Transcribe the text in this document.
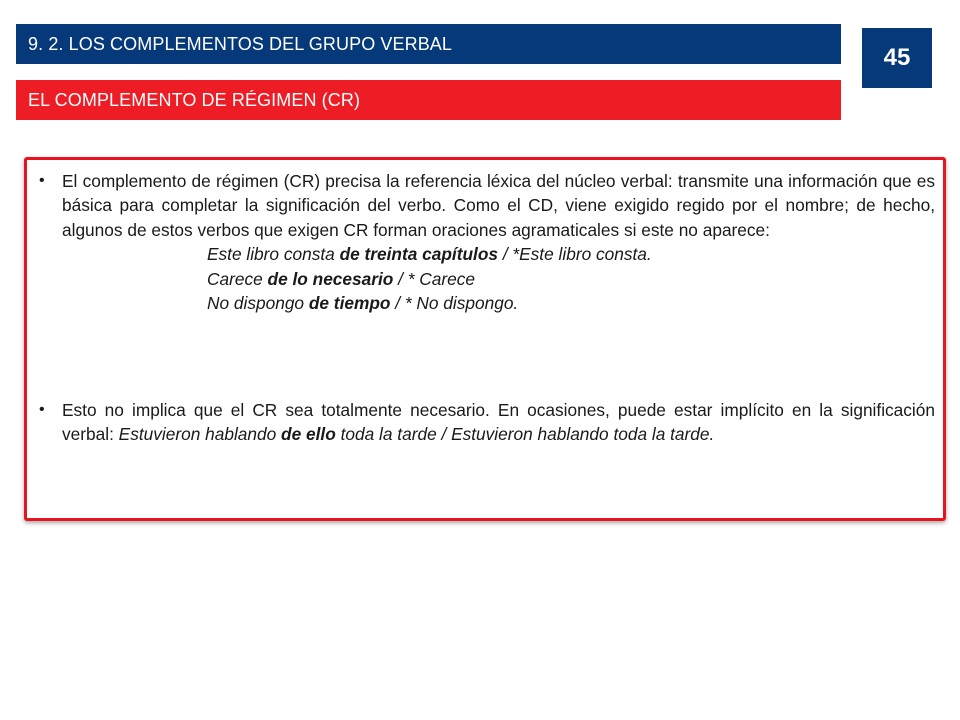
9. 2. LOS COMPLEMENTOS DEL GRUPO VERBAL	45
EL COMPLEMENTO DE RÉGIMEN (CR)
•	El complemento de régimen (CR) precisa la referencia léxica del núcleo verbal: transmite una información que es básica para completar la significación del verbo. Como el CD, viene exigido regido por el nombre; de hecho, algunos de estos verbos que exigen CR forman oraciones agramaticales si este no aparece:
Este libro consta de treinta capítulos / *Este libro consta.
Carece de lo necesario / * Carece
No dispongo de tiempo / * No dispongo.
•	Esto no implica que el CR sea totalmente necesario. En ocasiones, puede estar implícito en la significación verbal: Estuvieron hablando de ello toda la tarde / Estuvieron hablando toda la tarde.
